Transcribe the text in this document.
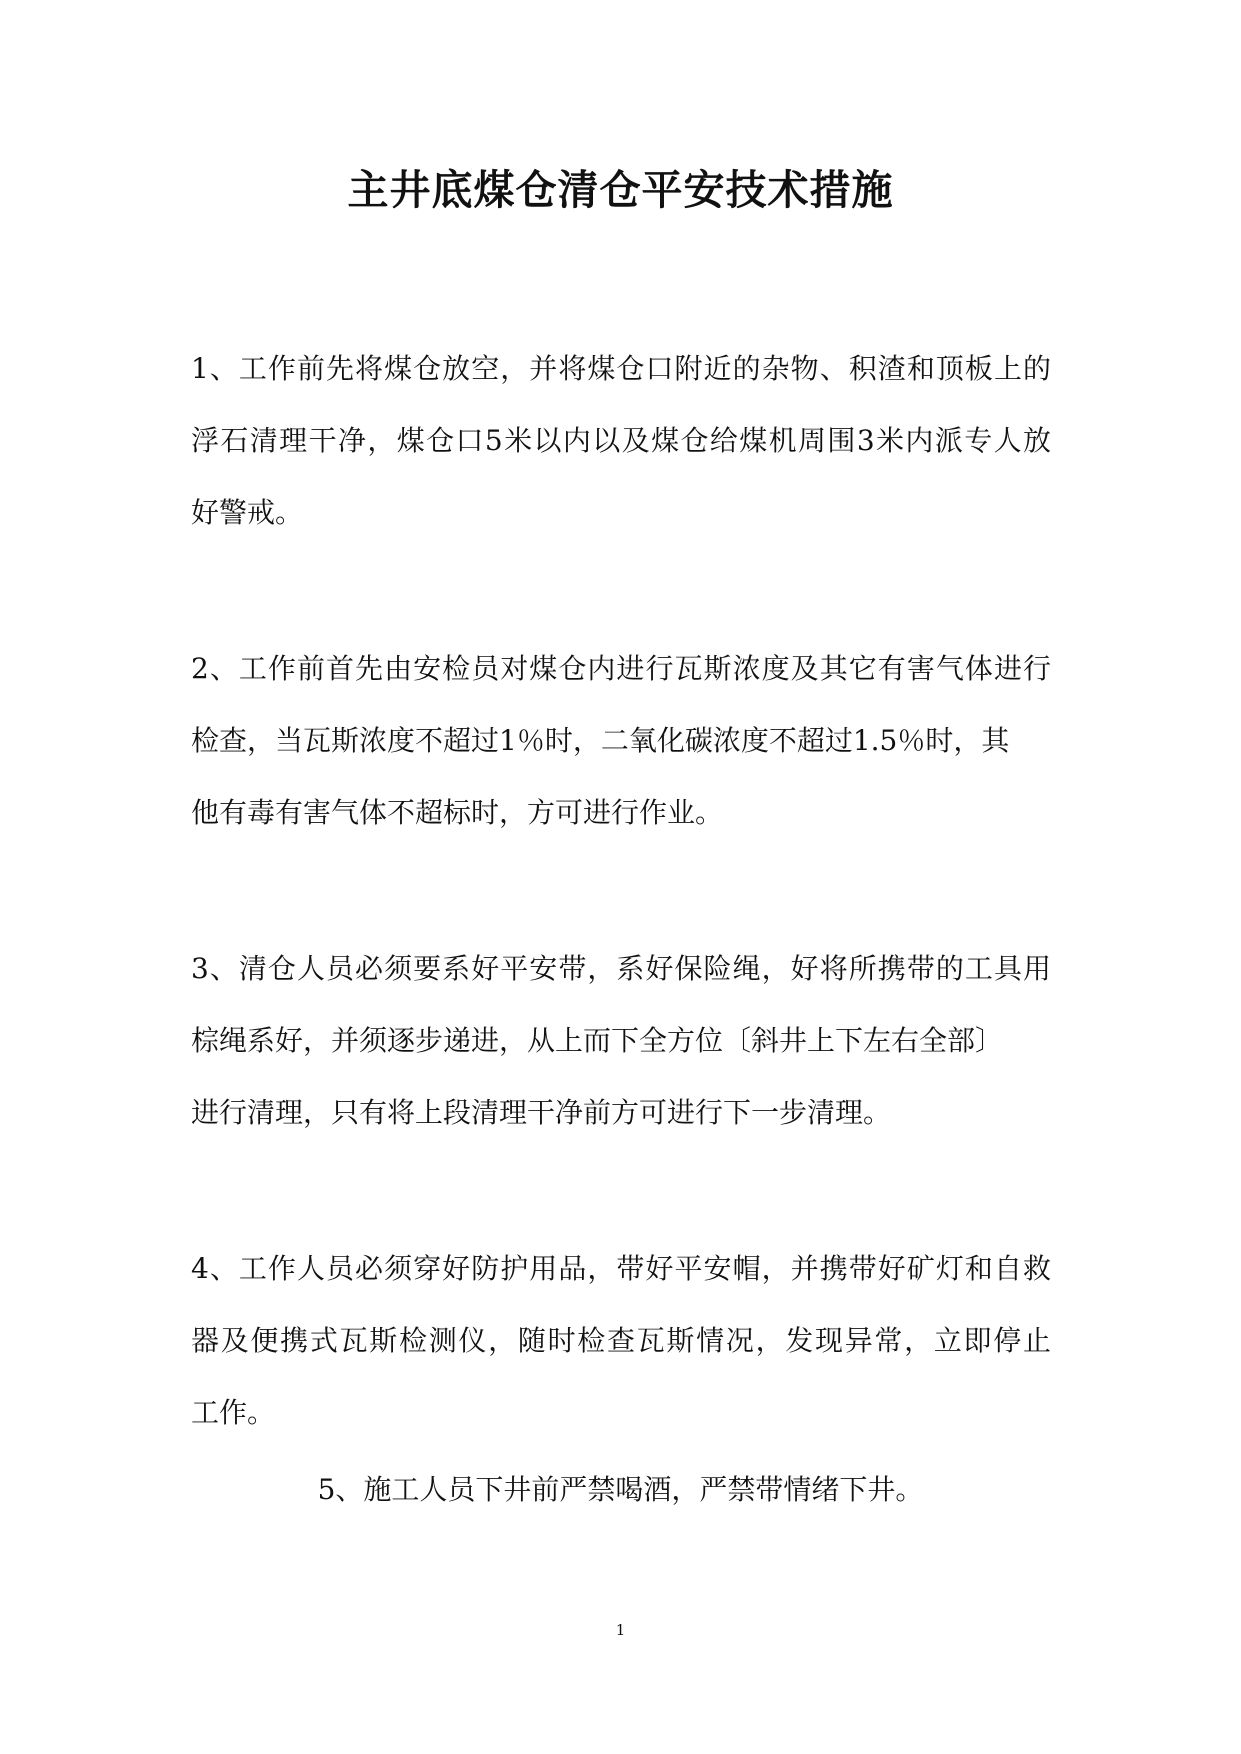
主井底煤仓清仓平安技术措施
1、工作前先将煤仓放空，并将煤仓口附近的杂物、积渣和顶板上的
浮石清理干净，煤仓口5米以内以及煤仓给煤机周围3米内派专人放
好警戒。
2、工作前首先由安检员对煤仓内进行瓦斯浓度及其它有害气体进行
检查，当瓦斯浓度不超过1％时，二氧化碳浓度不超过1.5％时，其
他有毒有害气体不超标时，方可进行作业。
3、清仓人员必须要系好平安带，系好保险绳，好将所携带的工具用
棕绳系好，并须逐步递进，从上而下全方位〔斜井上下左右全部〕
进行清理，只有将上段清理干净前方可进行下一步清理。
4、工作人员必须穿好防护用品，带好平安帽，并携带好矿灯和自救
器及便携式瓦斯检测仪，随时检查瓦斯情况，发现异常，立即停止
工作。

5、施工人员下井前严禁喝酒，严禁带情绪下井。

1
